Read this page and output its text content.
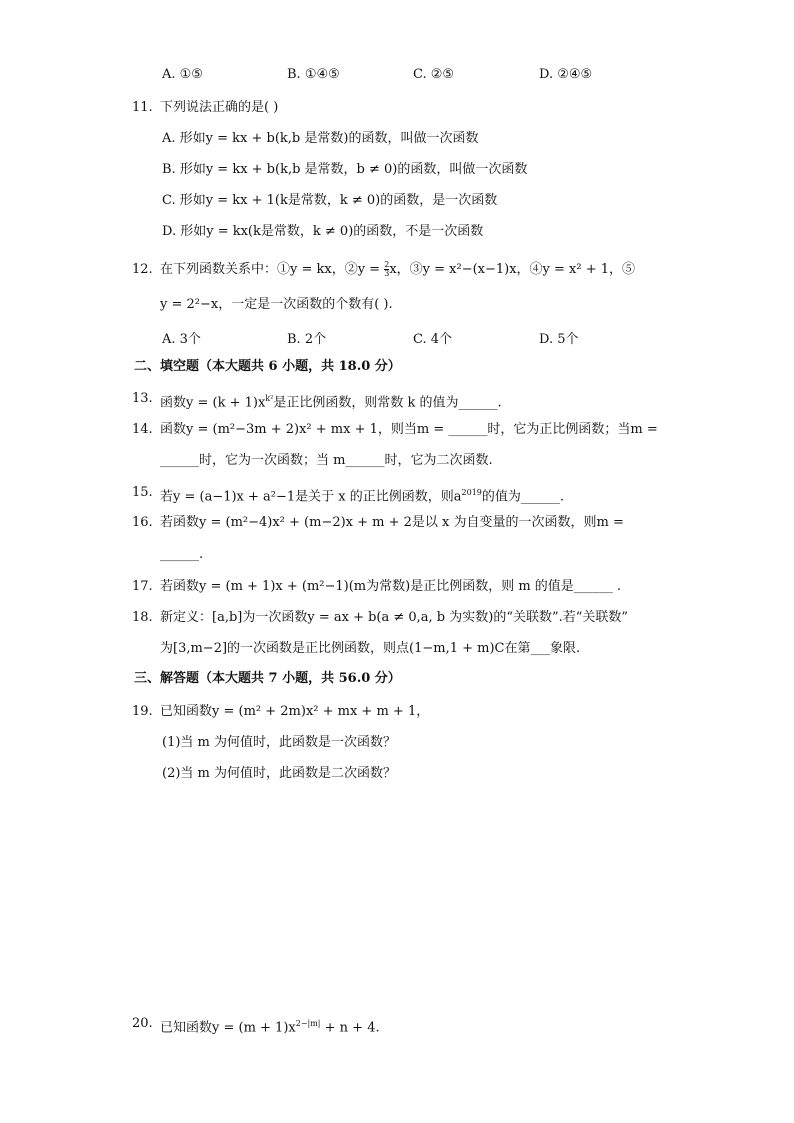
A. ①⑤	B. ①④⑤	C. ②⑤	D. ②④⑤
11. 下列说法正确的是( )
A. 形如y = kx + b(k,b 是常数)的函数，叫做一次函数
B. 形如y = kx + b(k,b 是常数，b ≠ 0)的函数，叫做一次函数
C. 形如y = kx + 1(k是常数，k ≠ 0)的函数，是一次函数
D. 形如y = kx(k是常数，k ≠ 0)的函数，不是一次函数
12. 在下列函数关系中：①y = kx，②y = $\frac{2}{3}x$，③y = x²−(x−1)x，④y = x² + 1，⑤
y = 2²−x，一定是一次函数的个数有( ).
A. 3个	B. 2个	C. 4个	D. 5个
二、填空题（本大题共 6 小题，共 18.0 分）
13. 函数$y = (k + 1)x^{k^2}$是正比例函数，则常数 k 的值为______.
14. 函数y = (m²−3m + 2)x² + mx + 1，则当m = ______时，它为正比例函数；当m =
______时，它为一次函数；当 m______时，它为二次函数.
15. 若y = (a−1)x + a²−1是关于 x 的正比例函数，则$a^{2019}$的值为______.
16. 若函数y = (m²−4)x² + (m−2)x + m + 2是以 x 为自变量的一次函数，则m =
______.
17. 若函数y = (m + 1)x + (m²−1)(m为常数)是正比例函数，则 m 的值是______ .
18. 新定义：[a,b]为一次函数y = ax + b(a ≠ 0,a, b 为实数)的“关联数”.若“关联数”
为[3,m−2]的一次函数是正比例函数，则点(1−m,1 + m)C在第___象限.
三、解答题（本大题共 7 小题，共 56.0 分）
19. 已知函数y = (m² + 2m)x² + mx + m + 1，
(1)当 m 为何值时，此函数是一次函数？
(2)当 m 为何值时，此函数是二次函数？
20. 已知函数$y = (m + 1)x^{2-|m|} + n + 4$.
